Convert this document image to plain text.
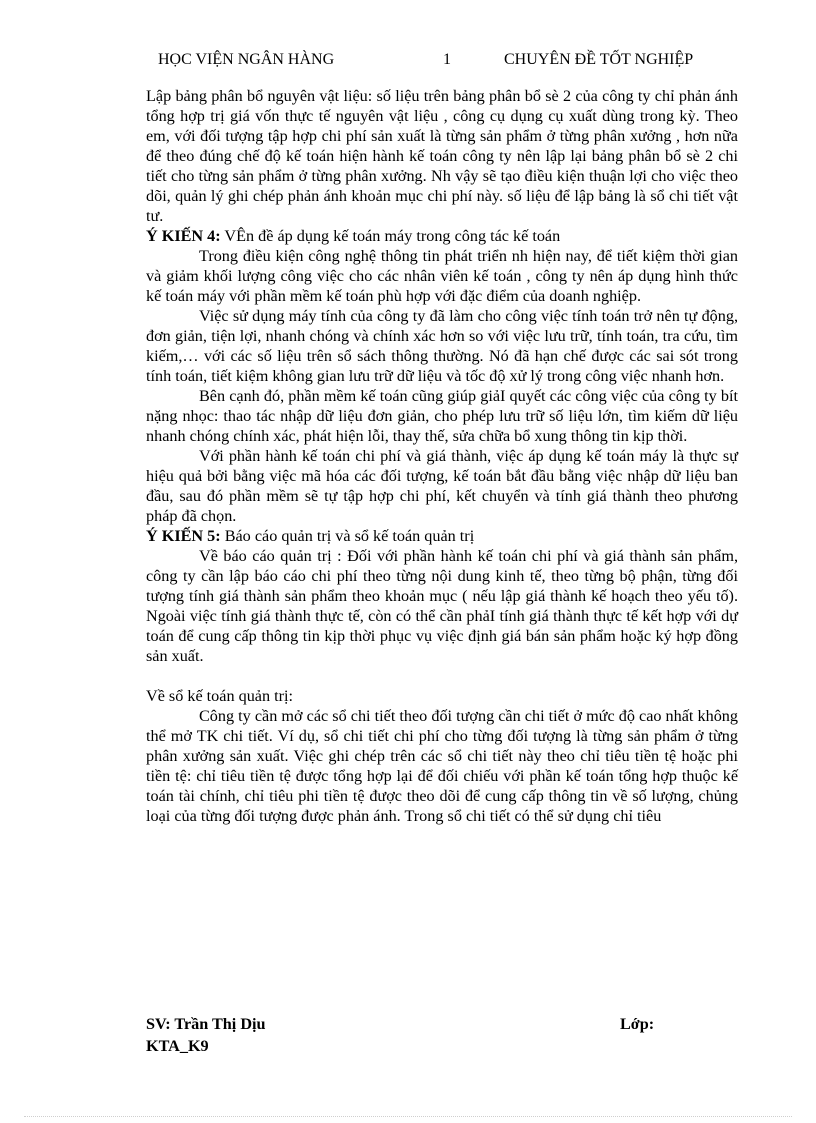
HỌC VIỆN NGÂN HÀNG	1	CHUYÊN ĐỀ TỐT NGHIỆP

Lập bảng phân bổ nguyên vật liệu: số liệu trên bảng phân bổ sè 2 của công ty chỉ phản ánh tổng hợp trị giá vốn thực tế nguyên vật liệu , công cụ dụng cụ xuất dùng trong kỳ. Theo em, với đối tượng tập hợp chi phí sản xuất là từng sản phẩm ở từng phân xưởng , hơn nữa để theo đúng chế độ kế toán hiện hành kế toán công ty nên lập lại bảng phân bổ sè 2 chi tiết cho từng sản phẩm ở từng phân xưởng. Nh vậy sẽ tạo điều kiện thuận lợi cho việc theo dõi, quản lý ghi chép phản ánh khoản mục chi phí này. số liệu để lập bảng là sổ chi tiết vật tư.

Ý KIẾN 4: VÊn đề áp dụng kế toán máy trong công tác kế toán

Trong điều kiện công nghệ thông tin phát triển nh hiện nay, để tiết kiệm thời gian và giảm khối lượng công việc cho các nhân viên kế toán , công ty nên áp dụng hình thức kế toán máy với phần mềm kế toán phù hợp với đặc điểm của doanh nghiệp.

Việc sử dụng máy tính của công ty đã làm cho công việc tính toán trở nên tự động, đơn giản, tiện lợi, nhanh chóng và chính xác hơn so với việc lưu trữ, tính toán, tra cứu, tìm kiếm,… với các số liệu trên sổ sách thông thường. Nó đã hạn chế được các sai sót trong tính toán, tiết kiệm không gian lưu trữ dữ liệu và tốc độ xử lý trong công việc nhanh hơn.

Bên cạnh đó, phần mềm kế toán cũng giúp giảI quyết các công việc của công ty bít nặng nhọc: thao tác nhập dữ liệu đơn giản, cho phép lưu trữ số liệu lớn, tìm kiếm dữ liệu nhanh chóng chính xác, phát hiện lỗi, thay thế, sửa chữa bổ xung thông tin kịp thời.

Với phần hành kế toán chi phí và giá thành, việc áp dụng kế toán máy là thực sự hiệu quả bởi bằng việc mã hóa các đối tượng, kế toán bắt đầu bằng việc nhập dữ liệu ban đầu, sau đó phần mềm sẽ tự tập hợp chi phí, kết chuyển và tính giá thành theo phương pháp đã chọn.

Ý KIẾN 5: Báo cáo quản trị và sổ kế toán quản trị

Về báo cáo quản trị : Đối với phần hành kế toán chi phí và giá thành sản phẩm, công ty cần lập báo cáo chi phí theo từng nội dung kinh tế, theo từng bộ phận, từng đối tượng tính giá thành sản phẩm theo khoản mục ( nếu lập giá thành kế hoạch theo yếu tố). Ngoài việc tính giá thành thực tế, còn có thể cần phảI tính giá thành thực tế kết hợp với dự toán để cung cấp thông tin kịp thời phục vụ việc định giá bán sản phẩm hoặc ký hợp đồng sản xuất.

Về sổ kế toán quản trị:

Công ty cần mở các sổ chi tiết theo đối tượng cần chi tiết ở mức độ cao nhất không thể mở TK chi tiết. Ví dụ, sổ chi tiết chi phí cho từng đối tượng là từng sản phẩm ở từng phân xưởng sản xuất. Việc ghi chép trên các sổ chi tiết này theo chỉ tiêu tiền tệ hoặc phi tiền tệ: chỉ tiêu tiền tệ được tổng hợp lại để đối chiếu với phần kế toán tổng hợp thuộc kế toán tài chính, chỉ tiêu phi tiền tệ được theo dõi để cung cấp thông tin về số lượng, chủng loại của từng đối tượng được phản ánh. Trong sổ chi tiết có thể sử dụng chỉ tiêu

SV: Trần Thị Dịu	Lớp:
KTA_K9
